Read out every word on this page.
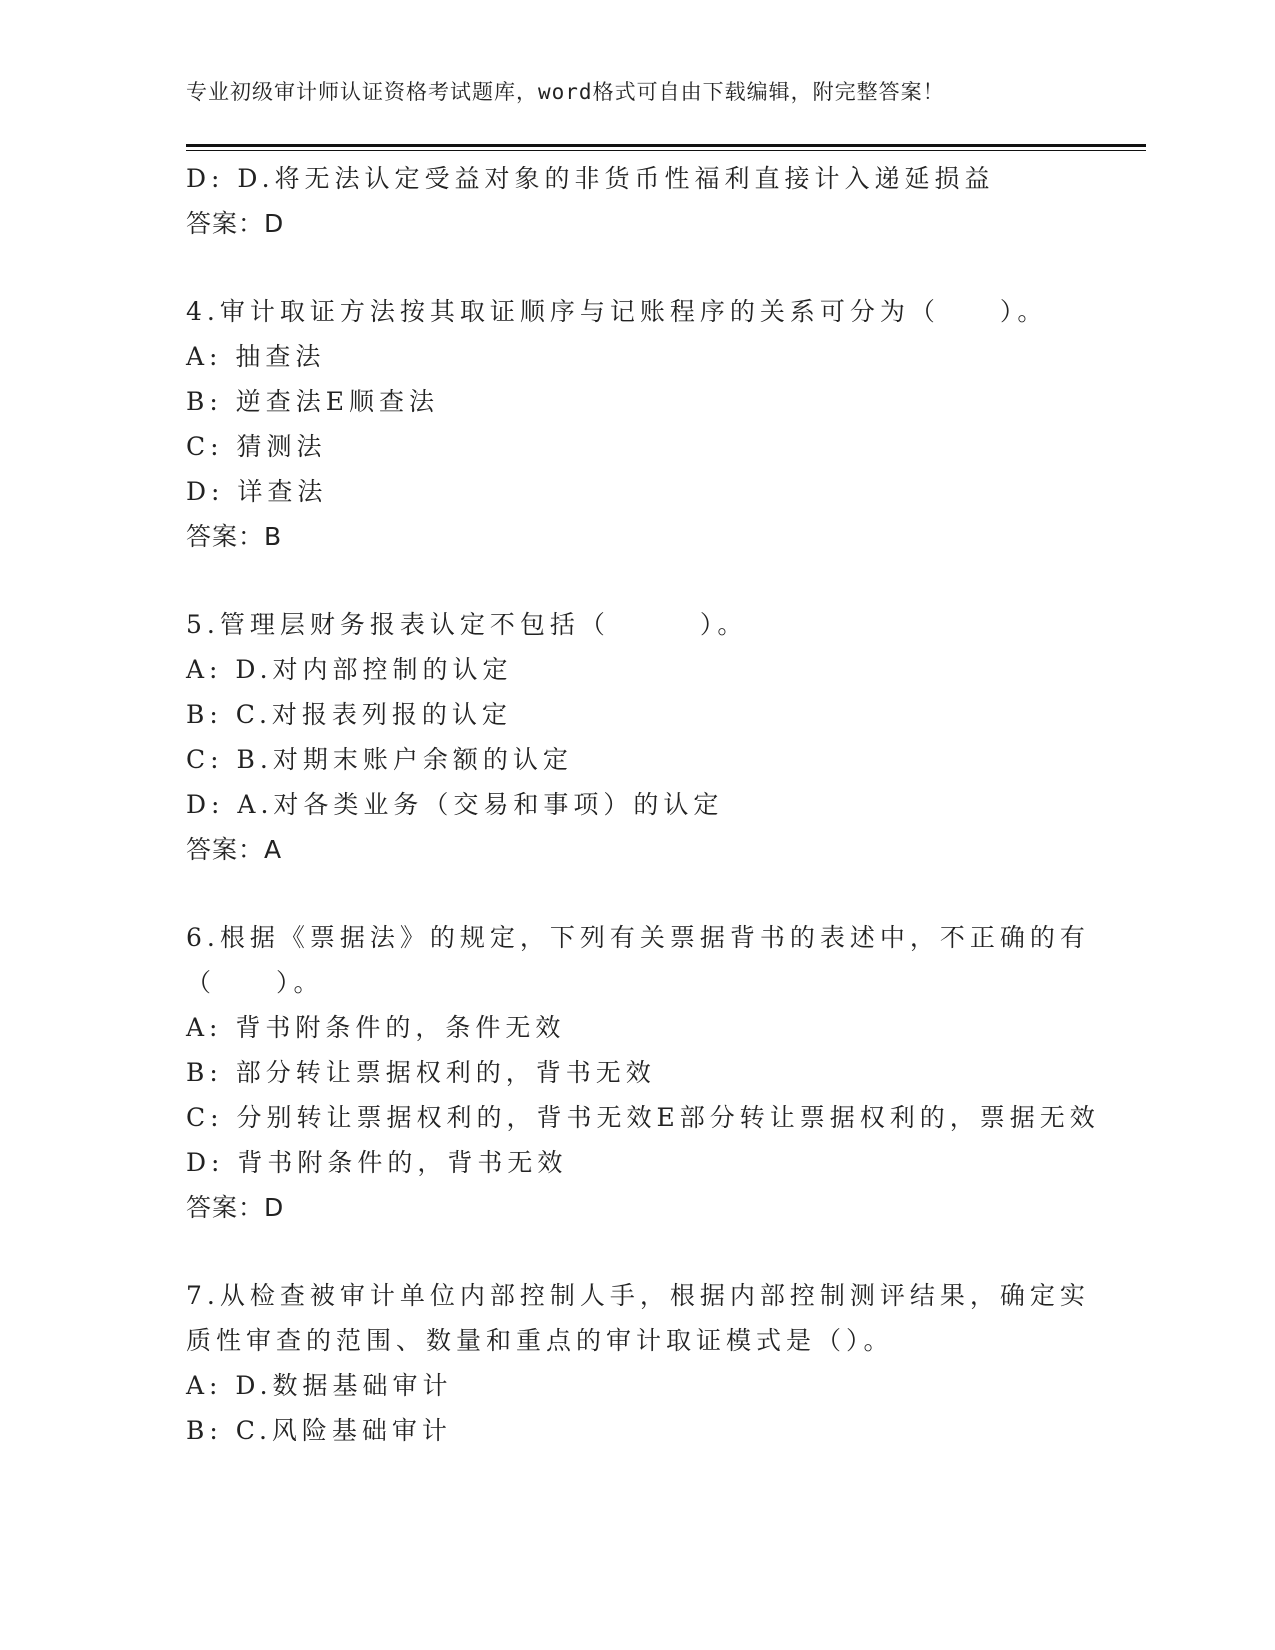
专业初级审计师认证资格考试题库，word格式可自由下载编辑，附完整答案！
D: D.将无法认定受益对象的非货币性福利直接计入递延损益
答案：D
4.审计取证方法按其取证顺序与记账程序的关系可分为（　　）。
A: 抽查法
B: 逆查法E顺查法
C: 猜测法
D: 详查法
答案：B
5.管理层财务报表认定不包括（　　　）。
A: D.对内部控制的认定
B: C.对报表列报的认定
C: B.对期末账户余额的认定
D: A.对各类业务（交易和事项）的认定
答案：A
6.根据《票据法》的规定，下列有关票据背书的表述中，不正确的有
（　　）。
A: 背书附条件的，条件无效
B: 部分转让票据权利的，背书无效
C: 分别转让票据权利的，背书无效E部分转让票据权利的，票据无效
D: 背书附条件的，背书无效
答案：D
7.从检查被审计单位内部控制人手，根据内部控制测评结果，确定实
质性审查的范围、数量和重点的审计取证模式是（）。
A: D.数据基础审计
B: C.风险基础审计
